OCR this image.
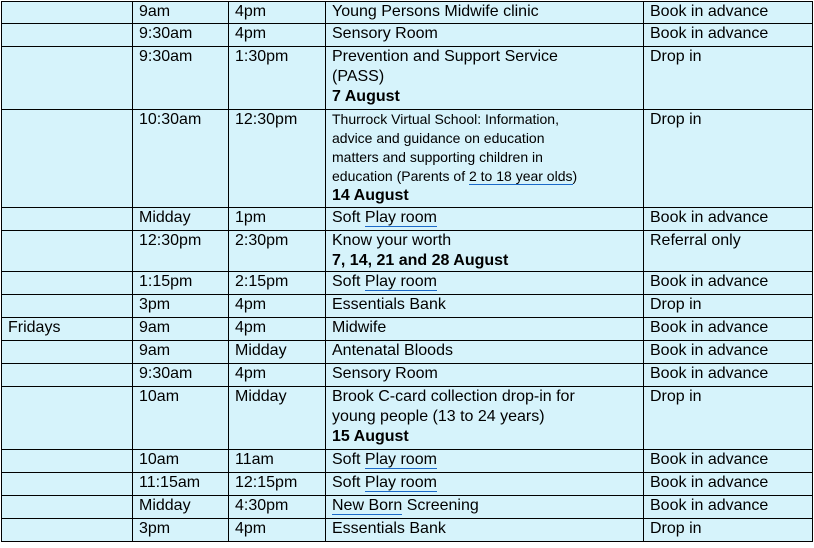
	9am	4pm	Young Persons Midwife clinic	Book in advance
	9:30am	4pm	Sensory Room	Book in advance
	9:30am	1:30pm	Prevention and Support Service
(PASS)
7 August	Drop in
	10:30am	12:30pm	Thurrock Virtual School: Information,
advice and guidance on education
matters and supporting children in
education (Parents of 2 to 18 year olds)
14 August	Drop in
	Midday	1pm	Soft Play room	Book in advance
	12:30pm	2:30pm	Know your worth
7, 14, 21 and 28 August	Referral only
	1:15pm	2:15pm	Soft Play room	Book in advance
	3pm	4pm	Essentials Bank	Drop in
Fridays	9am	4pm	Midwife	Book in advance
	9am	Midday	Antenatal Bloods	Book in advance
	9:30am	4pm	Sensory Room	Book in advance
	10am	Midday	Brook C-card collection drop-in for
young people (13 to 24 years)
15 August	Drop in
	10am	11am	Soft Play room	Book in advance
	11:15am	12:15pm	Soft Play room	Book in advance
	Midday	4:30pm	New Born Screening	Book in advance
	3pm	4pm	Essentials Bank	Drop in
